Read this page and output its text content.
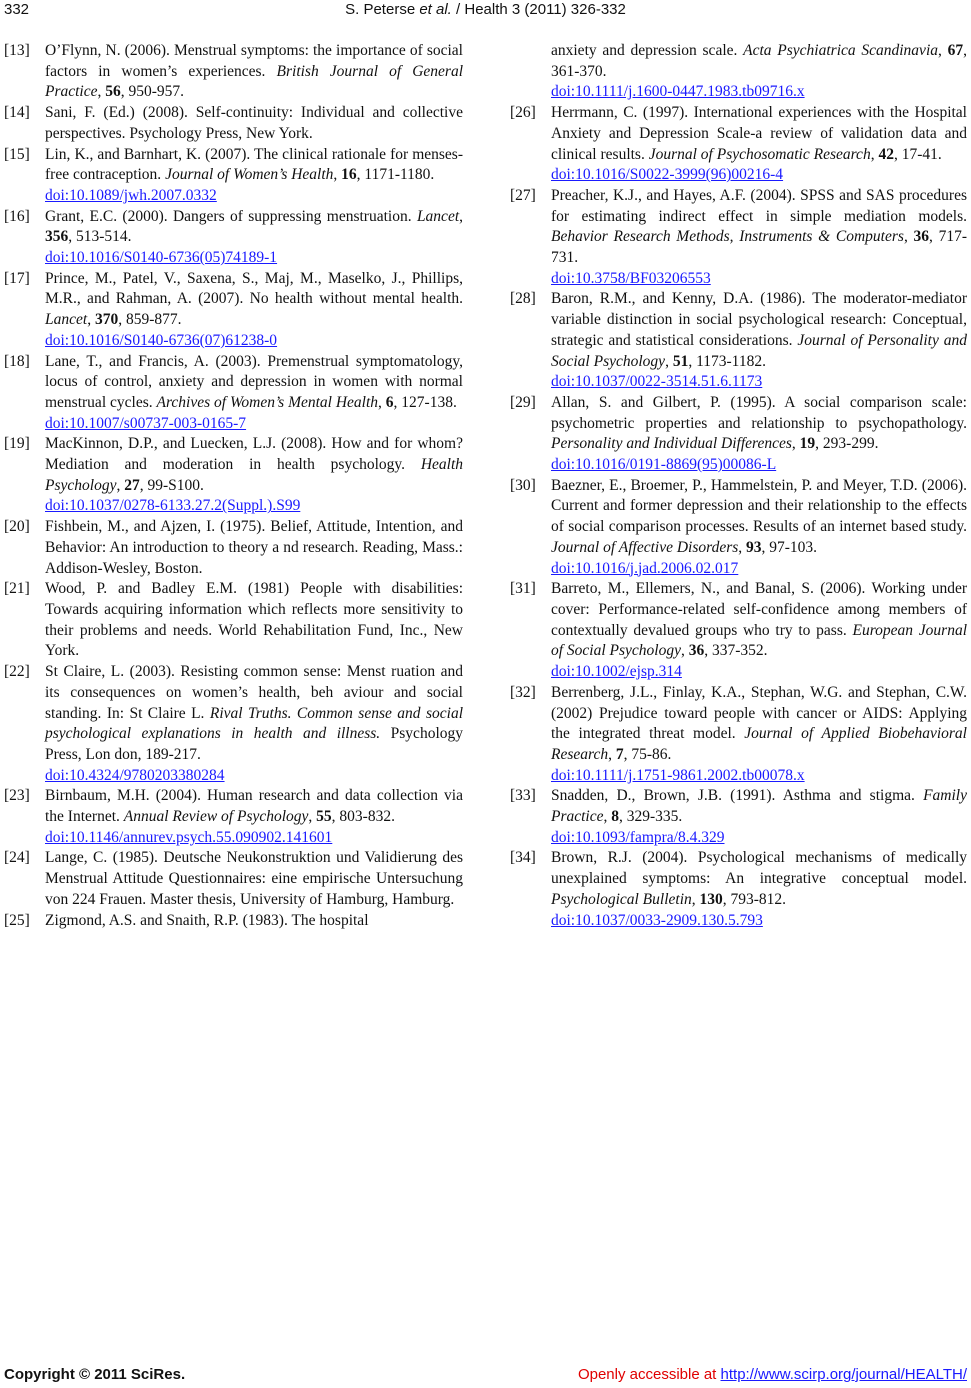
332	S. Peterse et al. / Health 3 (2011) 326-332
[13] O’Flynn, N. (2006). Menstrual symptoms: the importance of social factors in women’s experiences. British Journal of General Practice, 56, 950-957.
[14] Sani, F. (Ed.) (2008). Self-continuity: Individual and collective perspectives. Psychology Press, New York.
[15] Lin, K., and Barnhart, K. (2007). The clinical rationale for menses-free contraception. Journal of Women’s Health, 16, 1171-1180.
doi:10.1089/jwh.2007.0332
[16] Grant, E.C. (2000). Dangers of suppressing menstruation. Lancet, 356, 513-514.
doi:10.1016/S0140-6736(05)74189-1
[17] Prince, M., Patel, V., Saxena, S., Maj, M., Maselko, J., Phillips, M.R., and Rahman, A. (2007). No health without mental health. Lancet, 370, 859-877.
doi:10.1016/S0140-6736(07)61238-0
[18] Lane, T., and Francis, A. (2003). Premenstrual symptomatology, locus of control, anxiety and depression in women with normal menstrual cycles. Archives of Women’s Mental Health, 6, 127-138.
doi:10.1007/s00737-003-0165-7
[19] MacKinnon, D.P., and Luecken, L.J. (2008). How and for whom? Mediation and moderation in health psychology. Health Psychology, 27, 99-S100.
doi:10.1037/0278-6133.27.2(Suppl.).S99
[20] Fishbein, M., and Ajzen, I. (1975). Belief, Attitude, Intention, and Behavior: An introduction to theory a nd research. Reading, Mass.: Addison-Wesley, Boston.
[21] Wood, P. and Badley E.M. (1981) People with disabilities: Towards acquiring information which reflects more sensitivity to their problems and needs. World Rehabilitation Fund, Inc., New York.
[22] St Claire, L. (2003). Resisting common sense: Menst ruation and its consequences on women’s health, beh aviour and social standing. In: St Claire L. Rival Truths. Common sense and social psychological explanations in health and illness. Psychology Press, Lon don, 189-217.
doi:10.4324/9780203380284
[23] Birnbaum, M.H. (2004). Human research and data collection via the Internet. Annual Review of Psychology, 55, 803-832.
doi:10.1146/annurev.psych.55.090902.141601
[24] Lange, C. (1985). Deutsche Neukonstruktion und Validierung des Menstrual Attitude Questionnaires: eine empirische Untersuchung von 224 Frauen. Master thesis, University of Hamburg, Hamburg.
[25] Zigmond, A.S. and Snaith, R.P. (1983). The hospital
anxiety and depression scale. Acta Psychiatrica Scandinavia, 67, 361-370.
doi:10.1111/j.1600-0447.1983.tb09716.x
[26] Herrmann, C. (1997). International experiences with the Hospital Anxiety and Depression Scale-a review of validation data and clinical results. Journal of Psychosomatic Research, 42, 17-41.
doi:10.1016/S0022-3999(96)00216-4
[27] Preacher, K.J., and Hayes, A.F. (2004). SPSS and SAS procedures for estimating indirect effect in simple mediation models. Behavior Research Methods, Instruments & Computers, 36, 717-731.
doi:10.3758/BF03206553
[28] Baron, R.M., and Kenny, D.A. (1986). The moderator-mediator variable distinction in social psychological research: Conceptual, strategic and statistical considerations. Journal of Personality and Social Psychology, 51, 1173-1182.
doi:10.1037/0022-3514.51.6.1173
[29] Allan, S. and Gilbert, P. (1995). A social comparison scale: psychometric properties and relationship to psychopathology. Personality and Individual Differences, 19, 293-299.
doi:10.1016/0191-8869(95)00086-L
[30] Baezner, E., Broemer, P., Hammelstein, P. and Meyer, T.D. (2006). Current and former depression and their relationship to the effects of social comparison processes. Results of an internet based study. Journal of Affective Disorders, 93, 97-103.
doi:10.1016/j.jad.2006.02.017
[31] Barreto, M., Ellemers, N., and Banal, S. (2006). Working under cover: Performance-related self-confidence among members of contextually devalued groups who try to pass. European Journal of Social Psychology, 36, 337-352.
doi:10.1002/ejsp.314
[32] Berrenberg, J.L., Finlay, K.A., Stephan, W.G. and Stephan, C.W. (2002) Prejudice toward people with cancer or AIDS: Applying the integrated threat model. Journal of Applied Biobehavioral Research, 7, 75-86.
doi:10.1111/j.1751-9861.2002.tb00078.x
[33] Snadden, D., Brown, J.B. (1991). Asthma and stigma. Family Practice, 8, 329-335.
doi:10.1093/fampra/8.4.329
[34] Brown, R.J. (2004). Psychological mechanisms of medically unexplained symptoms: An integrative conceptual model. Psychological Bulletin, 130, 793-812.
doi:10.1037/0033-2909.130.5.793
Copyright © 2011 SciRes.	Openly accessible at http://www.scirp.org/journal/HEALTH/
